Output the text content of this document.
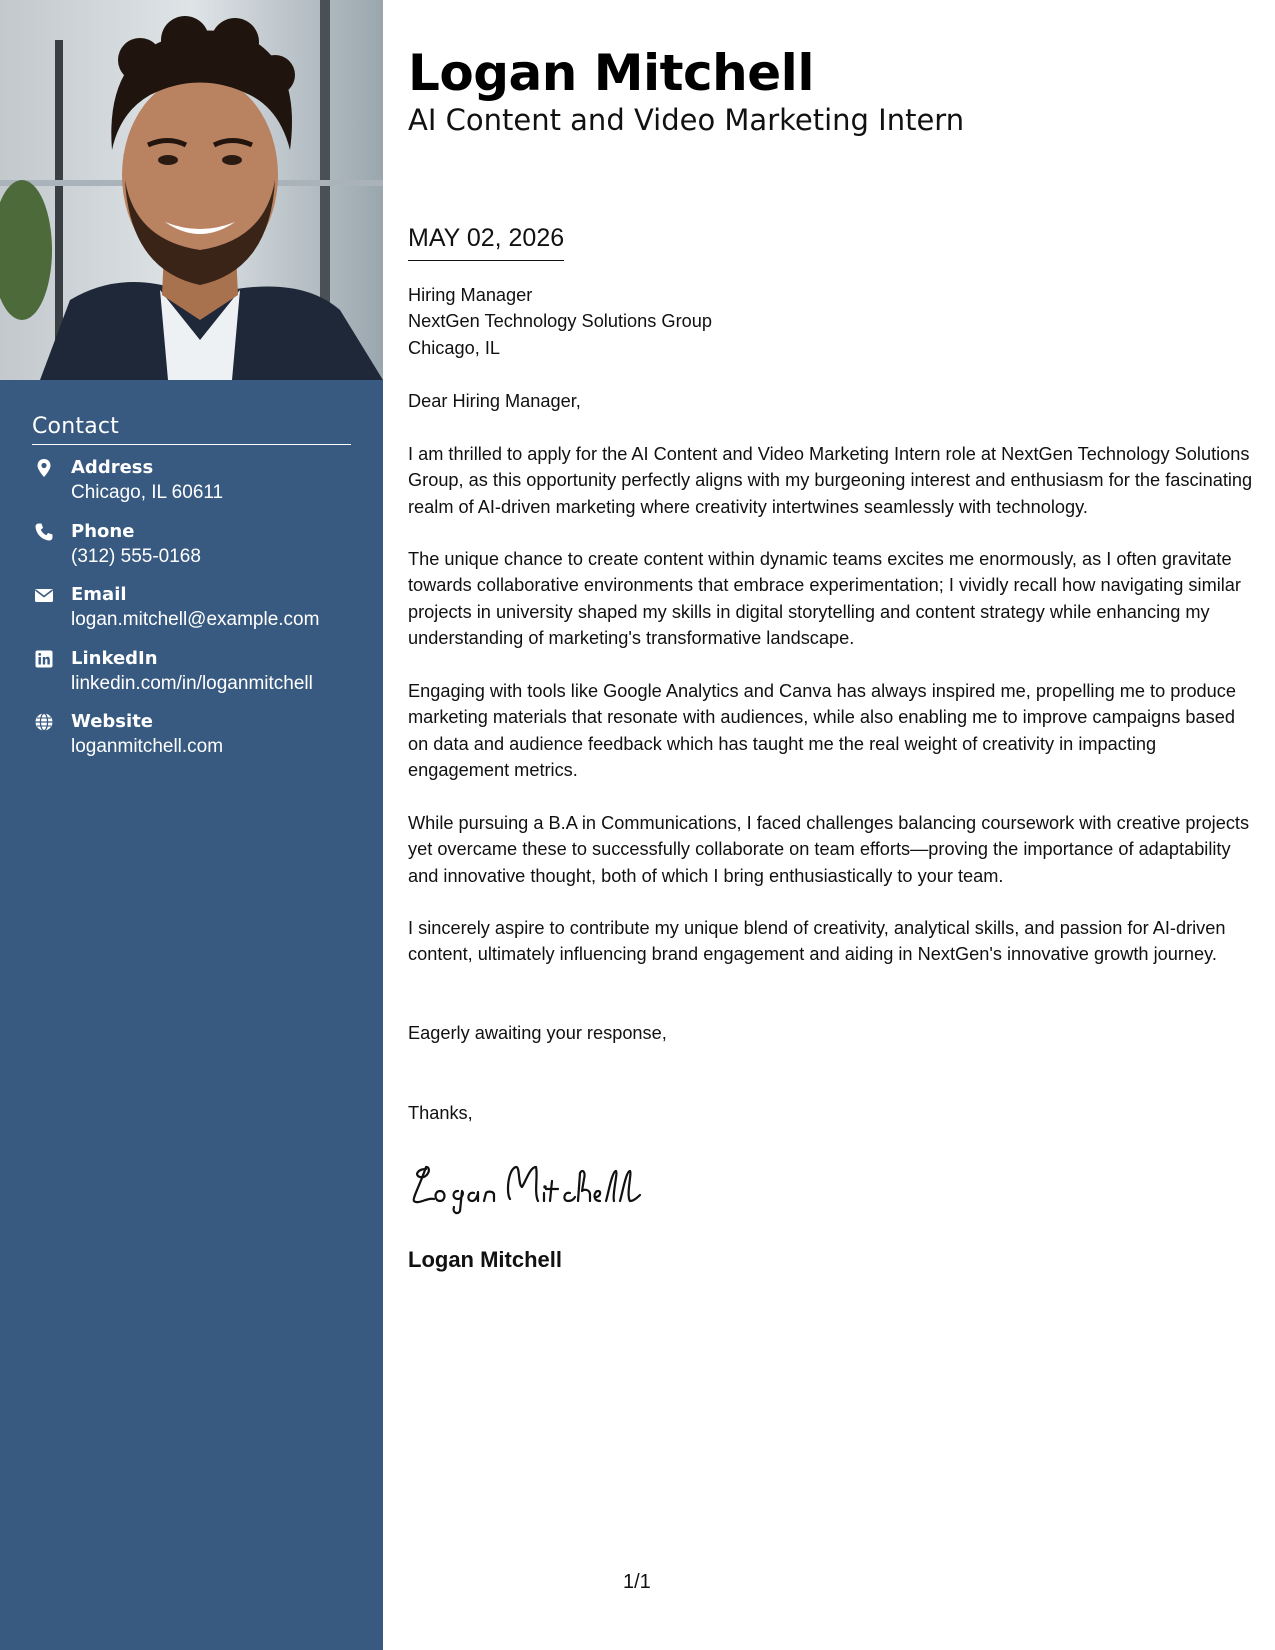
Contact
Address
Chicago, IL 60611
Phone
(312) 555-0168
Email
logan.mitchell@example.com
LinkedIn
linkedin.com/in/loganmitchell
Website
loganmitchell.com
Logan Mitchell
AI Content and Video Marketing Intern
MAY 02, 2026

Hiring Manager

NextGen Technology Solutions Group

Chicago, IL

Dear Hiring Manager,

I am thrilled to apply for the AI Content and Video Marketing Intern role at NextGen Technology Solutions Group, as this opportunity perfectly aligns with my burgeoning interest and enthusiasm for the fascinating realm of AI-driven marketing where creativity intertwines seamlessly with technology.

The unique chance to create content within dynamic teams excites me enormously, as I often gravitate towards collaborative environments that embrace experimentation; I vividly recall how navigating similar projects in university shaped my skills in digital storytelling and content strategy while enhancing my understanding of marketing's transformative landscape.

Engaging with tools like Google Analytics and Canva has always inspired me, propelling me to produce marketing materials that resonate with audiences, while also enabling me to improve campaigns based on data and audience feedback which has taught me the real weight of creativity in impacting engagement metrics.

While pursuing a B.A in Communications, I faced challenges balancing coursework with creative projects yet overcame these to successfully collaborate on team efforts—proving the importance of adaptability and innovative thought, both of which I bring enthusiastically to your team.

I sincerely aspire to contribute my unique blend of creativity, analytical skills, and passion for AI-driven content, ultimately influencing brand engagement and aiding in NextGen's innovative growth journey.

Eagerly awaiting your response,

Thanks,

Logan Mitchell
1/1
